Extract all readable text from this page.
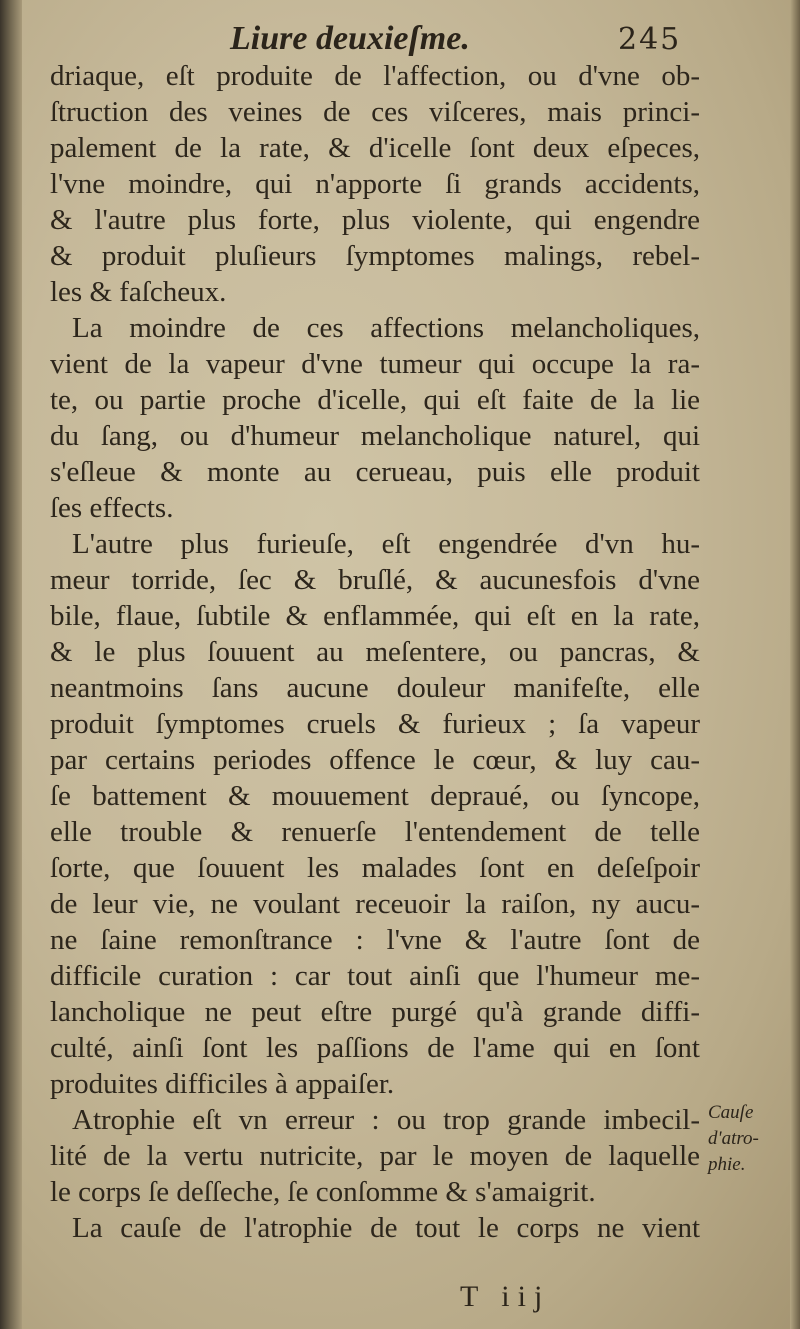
Liure deuxieſme.	245
driaque, eſt produite de l'affection, ou d'vne ob-
ſtruction des veines de ces viſceres, mais princi-
palement de la rate, & d'icelle ſont deux eſpeces,
l'vne moindre, qui n'apporte ſi grands accidents,
& l'autre plus forte, plus violente, qui engendre
& produit pluſieurs ſymptomes malings, rebel-
les & faſcheux.
La moindre de ces affections melancholiques,
vient de la vapeur d'vne tumeur qui occupe la ra-
te, ou partie proche d'icelle, qui eſt faite de la lie
du ſang, ou d'humeur melancholique naturel, qui
s'eſleue & monte au cerueau, puis elle produit
ſes effects.
L'autre plus furieuſe, eſt engendrée d'vn hu-
meur torride, ſec & bruſlé, & aucunesfois d'vne
bile, flaue, ſubtile & enflammée, qui eſt en la rate,
& le plus ſouuent au meſentere, ou pancras, &
neantmoins ſans aucune douleur manifeſte, elle
produit ſymptomes cruels & furieux ; ſa vapeur
par certains periodes offence le cœur, & luy cau-
ſe battement & mouuement depraué, ou ſyncope,
elle trouble & renuerſe l'entendement de telle
ſorte, que ſouuent les malades ſont en deſeſpoir
de leur vie, ne voulant receuoir la raiſon, ny aucu-
ne ſaine remonſtrance : l'vne & l'autre ſont de
difficile curation : car tout ainſi que l'humeur me-
lancholique ne peut eſtre purgé qu'à grande diffi-
culté, ainſi ſont les paſſions de l'ame qui en ſont
produites difficiles à appaiſer.
Atrophie eſt vn erreur : ou trop grande imbecil-
lité de la vertu nutricite, par le moyen de laquelle
le corps ſe deſſeche, ſe conſomme & s'amaigrit.
La cauſe de l'atrophie de tout le corps ne vient
Cauſe
d'atro-
phie.
T iij
